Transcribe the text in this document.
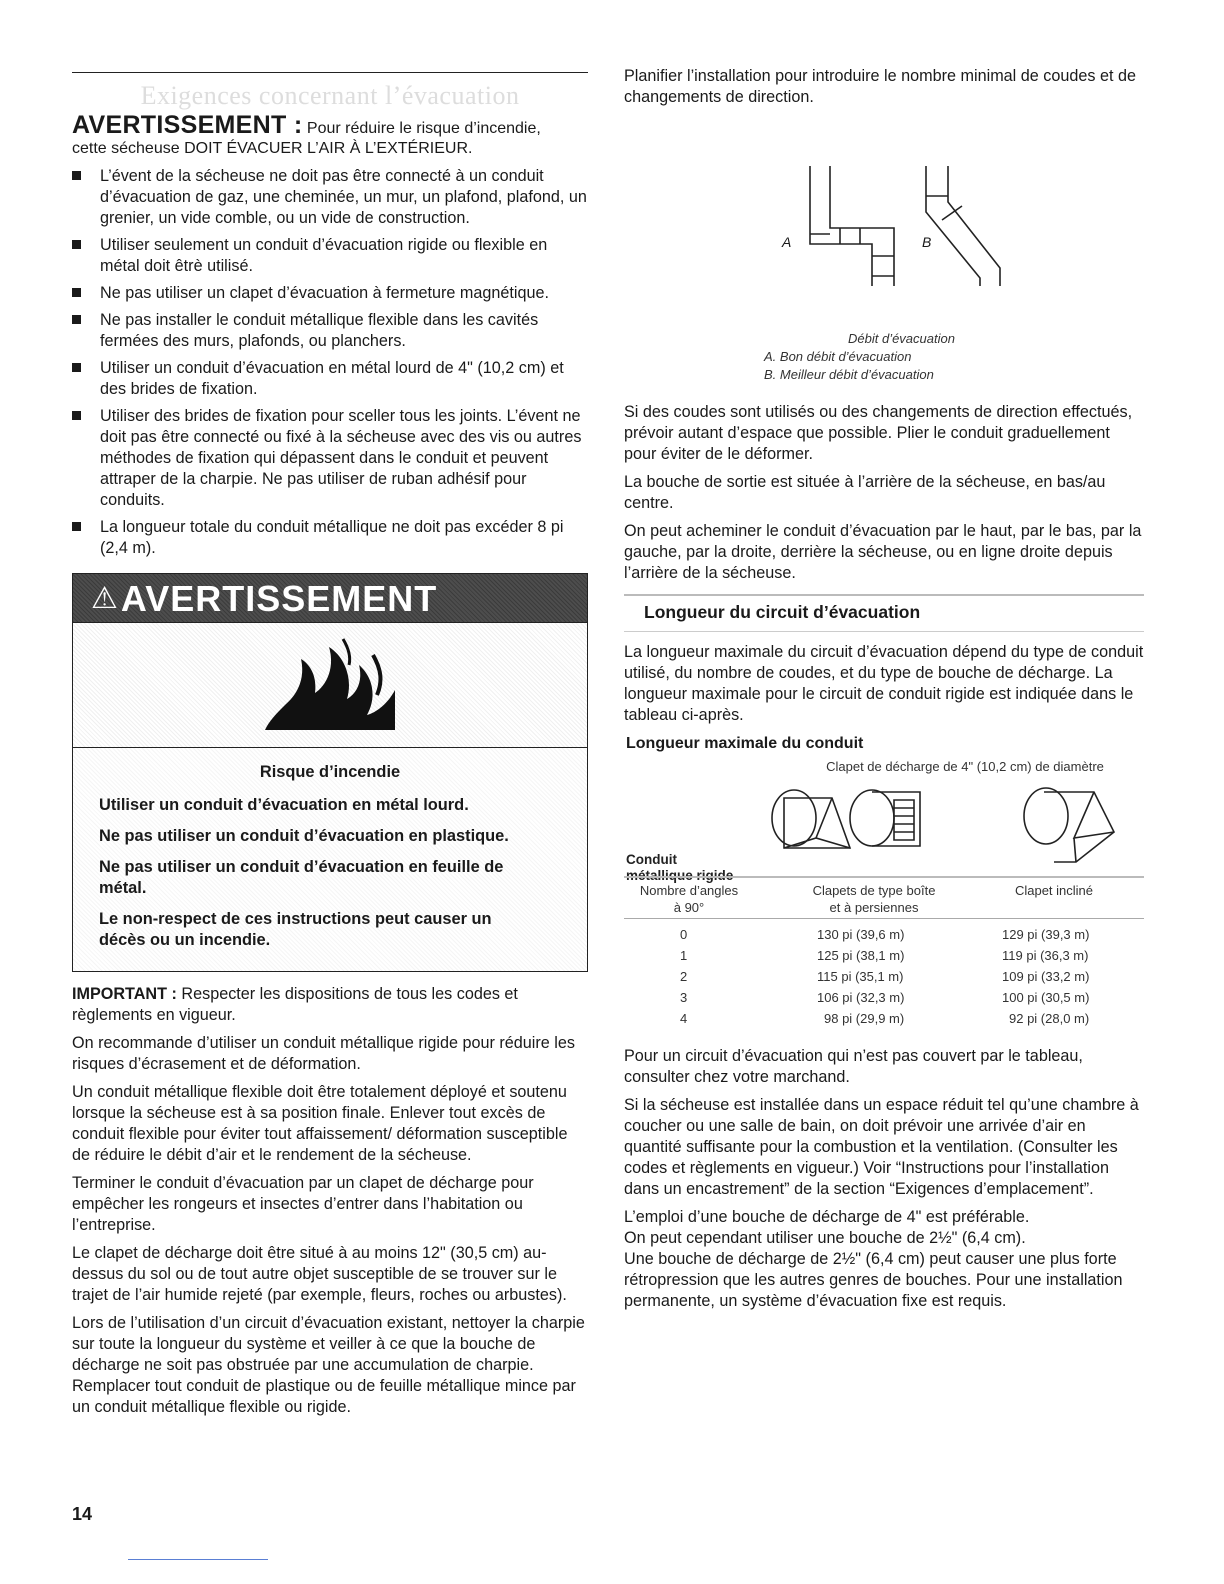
Exigences concernant l’évacuation

AVERTISSEMENT : Pour réduire le risque d’incendie,
cette sécheuse DOIT ÉVACUER L’AIR À L’EXTÉRIEUR.

L’évent de la sécheuse ne doit pas être connecté à un conduit d’évacuation de gaz, une cheminée, un mur, un plafond, plafond, un grenier, un vide comble, ou un vide de construction.
Utiliser seulement un conduit d’évacuation rigide ou flexible en métal doit êtrè utilisé.
Ne pas utiliser un clapet d’évacuation à fermeture magnétique.
Ne pas installer le conduit métallique flexible dans les cavités fermées des murs, plafonds, ou planchers.
Utiliser un conduit d’évacuation en métal lourd de 4" (10,2 cm) et des brides de fixation.
Utiliser des brides de fixation pour sceller tous les joints. L’évent ne doit pas être connecté ou fixé à la sécheuse avec des vis ou autres méthodes de fixation qui dépassent dans le conduit et peuvent attraper de la charpie. Ne pas utiliser de ruban adhésif pour conduits.
La longueur totale du conduit métallique ne doit pas excéder 8 pi (2,4 m).
⚠ AVERTISSEMENT
Risque d’incendie

Utiliser un conduit d’évacuation en métal lourd.

Ne pas utiliser un conduit d’évacuation en plastique.

Ne pas utiliser un conduit d’évacuation en feuille de métal.

Le non-respect de ces instructions peut causer un décès ou un incendie.

IMPORTANT : Respecter les dispositions de tous les codes et règlements en vigueur.

On recommande d’utiliser un conduit métallique rigide pour réduire les risques d’écrasement et de déformation.

Un conduit métallique flexible doit être totalement déployé et soutenu lorsque la sécheuse est à sa position finale. Enlever tout excès de conduit flexible pour éviter tout affaissement/ déformation susceptible de réduire le débit d’air et le rendement de la sécheuse.

Terminer le conduit d’évacuation par un clapet de décharge pour empêcher les rongeurs et insectes d’entrer dans l’habitation ou l’entreprise.

Le clapet de décharge doit être situé à au moins 12" (30,5 cm) au-dessus du sol ou de tout autre objet susceptible de se trouver sur le trajet de l’air humide rejeté (par exemple, fleurs, roches ou arbustes).

Lors de l’utilisation d’un circuit d’évacuation existant, nettoyer la charpie sur toute la longueur du système et veiller à ce que la bouche de décharge ne soit pas obstruée par une accumulation de charpie. Remplacer tout conduit de plastique ou de feuille métallique mince par un conduit métallique flexible ou rigide.

14

Planifier l’installation pour introduire le nombre minimal de coudes et de changements de direction.

A	B
Débit d’évacuation
A. Bon débit d’évacuation
B. Meilleur débit d’évacuation

Si des coudes sont utilisés ou des changements de direction effectués, prévoir autant d’espace que possible. Plier le conduit graduellement pour éviter de le déformer.

La bouche de sortie est située à l’arrière de la sécheuse, en bas/au centre.

On peut acheminer le conduit d’évacuation par le haut, par le bas, par la gauche, par la droite, derrière la sécheuse, ou en ligne droite depuis l’arrière de la sécheuse.

Longueur du circuit d’évacuation

La longueur maximale du circuit d’évacuation dépend du type de conduit utilisé, du nombre de coudes, et du type de bouche de décharge. La longueur maximale pour le circuit de conduit rigide est indiquée dans le tableau ci-après.

Longueur maximale du conduit
Clapet de décharge de 4" (10,2 cm) de diamètre
Conduit
métallique rigide
Nombre d’angles
à 90°
Clapets de type boîte
et à persiennes
Clapet incliné
0	130 pi (39,6 m)	129 pi (39,3 m)
1	125 pi (38,1 m)	119 pi (36,3 m)
2	115 pi (35,1 m)	109 pi (33,2 m)
3	106 pi (32,3 m)	100 pi (30,5 m)
4	98 pi (29,9 m)	92 pi (28,0 m)

Pour un circuit d’évacuation qui n’est pas couvert par le tableau, consulter chez votre marchand.

Si la sécheuse est installée dans un espace réduit tel qu’une chambre à coucher ou une salle de bain, on doit prévoir une arrivée d’air en quantité suffisante pour la combustion et la ventilation. (Consulter les codes et règlements en vigueur.) Voir “Instructions pour l’installation dans un encastrement” de la section “Exigences d’emplacement”.

L’emploi d’une bouche de décharge de 4" est préférable.

On peut cependant utiliser une bouche de 2½" (6,4 cm).

Une bouche de décharge de 2½" (6,4 cm) peut causer une plus forte rétropression que les autres genres de bouches. Pour une installation permanente, un système d’évacuation fixe est requis.
